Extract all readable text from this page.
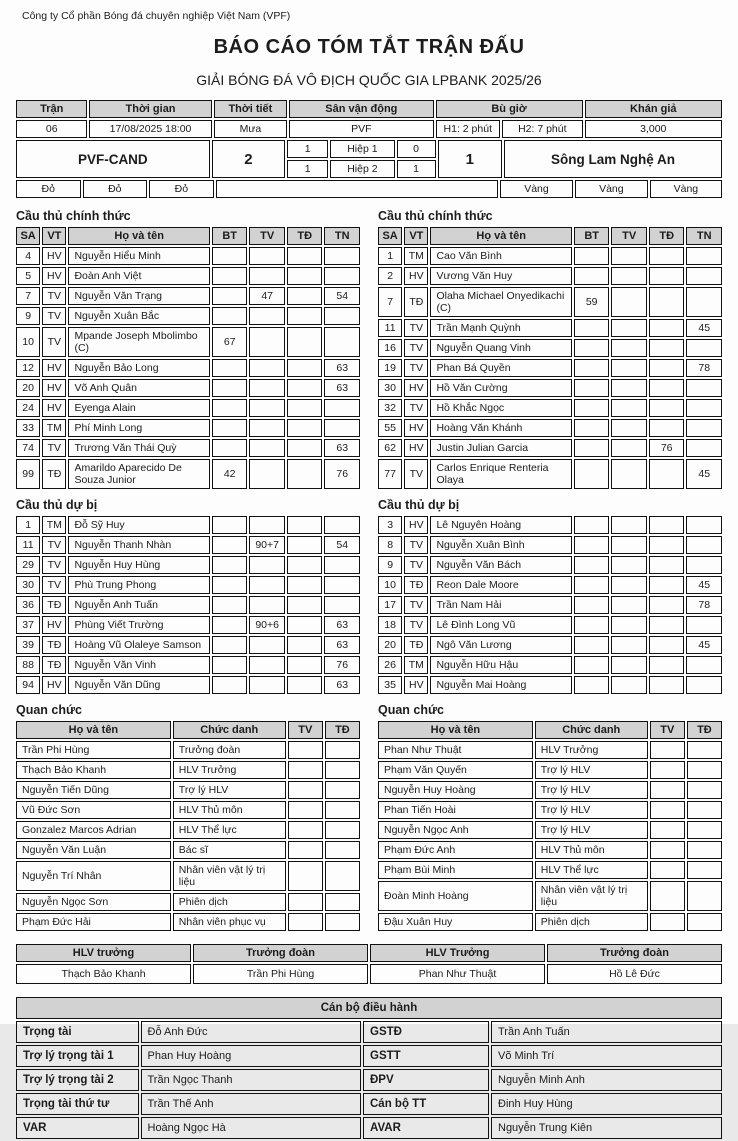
Công ty Cổ phần Bóng đá chuyên nghiệp Việt Nam (VPF)
BÁO CÁO TÓM TẮT TRẬN ĐẤU
GIẢI BÓNG ĐÁ VÔ ĐỊCH QUỐC GIA LPBANK 2025/26
Trận	Thời gian	Thời tiết	Sân vận động	Bù giờ		Khán giả
06	17/08/2025 18:00	Mưa	PVF	H1: 2 phút	H2: 7 phút	3,000
PVF-CAND	2	1	Hiệp 1	0	1	Sông Lam Nghệ An
		1	Hiệp 2	1		
Đỏ	Đỏ	Đỏ		Vàng	Vàng	Vàng
Cầu thủ chính thức
SA	VT	Họ và tên	BT	TV	TĐ	TN
4	HV	Nguyễn Hiểu Minh				
5	HV	Đoàn Anh Việt				
7	TV	Nguyễn Văn Trạng		47		54
9	TV	Nguyễn Xuân Bắc				
10	TV	Mpande Joseph Mbolimbo (C)	67			
12	HV	Nguyễn Bảo Long				63
20	HV	Võ Anh Quân				63
24	HV	Eyenga Alain				
33	TM	Phí Minh Long				
74	TV	Trương Văn Thái Quỳ				63
99	TĐ	Amarildo Aparecido De Souza Junior	42			76
Cầu thủ chính thức
SA	VT	Họ và tên	BT	TV	TĐ	TN
1	TM	Cao Văn Bình				
2	HV	Vương Văn Huy				
7	TĐ	Olaha Michael Onyedikachi (C)	59			
11	TV	Trần Mạnh Quỳnh				45
16	TV	Nguyễn Quang Vinh				
19	TV	Phan Bá Quyền				78
30	HV	Hồ Văn Cường				
32	TV	Hồ Khắc Ngọc				
55	HV	Hoàng Văn Khánh				
62	HV	Justin Julian Garcia			76	
77	TV	Carlos Enrique Renteria Olaya				45
Cầu thủ dự bị
1	TM	Đỗ Sỹ Huy				
11	TV	Nguyễn Thanh Nhàn		90+7		54
29	TV	Nguyễn Huy Hùng				
30	TV	Phù Trung Phong				
36	TĐ	Nguyễn Anh Tuấn				
37	HV	Phùng Viết Trường		90+6		63
39	TĐ	Hoàng Vũ Olaleye Samson				63
88	TĐ	Nguyễn Văn Vinh				76
94	HV	Nguyễn Văn Dũng				63
Cầu thủ dự bị
3	HV	Lê Nguyên Hoàng				
8	TV	Nguyễn Xuân Bình				
9	TV	Nguyễn Văn Bách				
10	TĐ	Reon Dale Moore				45
17	TV	Trần Nam Hải				78
18	TV	Lê Đình Long Vũ				
20	TĐ	Ngô Văn Lương				45
26	TM	Nguyễn Hữu Hậu				
35	HV	Nguyễn Mai Hoàng				
Quan chức
Họ và tên	Chức danh	TV	TĐ
Trần Phi Hùng	Trưởng đoàn		
Thạch Bảo Khanh	HLV Trưởng		
Nguyễn Tiến Dũng	Trợ lý HLV		
Vũ Đức Sơn	HLV Thủ môn		
Gonzalez Marcos Adrian	HLV Thể lực		
Nguyễn Văn Luận	Bác sĩ		
Nguyễn Trí Nhân	Nhân viên vật lý trị liệu		
Nguyễn Ngọc Sơn	Phiên dịch		
Phạm Đức Hải	Nhân viên phục vụ		
Quan chức
Họ và tên	Chức danh	TV	TĐ
Phan Như Thuật	HLV Trưởng		
Phạm Văn Quyến	Trợ lý HLV		
Nguyễn Huy Hoàng	Trợ lý HLV		
Phan Tiến Hoài	Trợ lý HLV		
Nguyễn Ngọc Anh	Trợ lý HLV		
Phạm Đức Anh	HLV Thủ môn		
Phạm Bùi Minh	HLV Thể lực		
Đoàn Minh Hoàng	Nhân viên vật lý trị liệu		
Đậu Xuân Huy	Phiên dịch		
HLV trưởng	Trưởng đoàn	HLV Trưởng	Trưởng đoàn
Thạch Bảo Khanh	Trần Phi Hùng	Phan Như Thuật	Hồ Lê Đức
Cán bộ điều hành			
Trọng tài	Đỗ Anh Đức	GSTĐ	Trần Anh Tuấn
Trợ lý trọng tài 1	Phan Huy Hoàng	GSTT	Võ Minh Trí
Trợ lý trọng tài 2	Trần Ngọc Thanh	ĐPV	Nguyễn Minh Anh
Trọng tài thứ tư	Trần Thế Anh	Cán bộ TT	Đinh Huy Hùng
VAR	Hoàng Ngọc Hà	AVAR	Nguyễn Trung Kiên
